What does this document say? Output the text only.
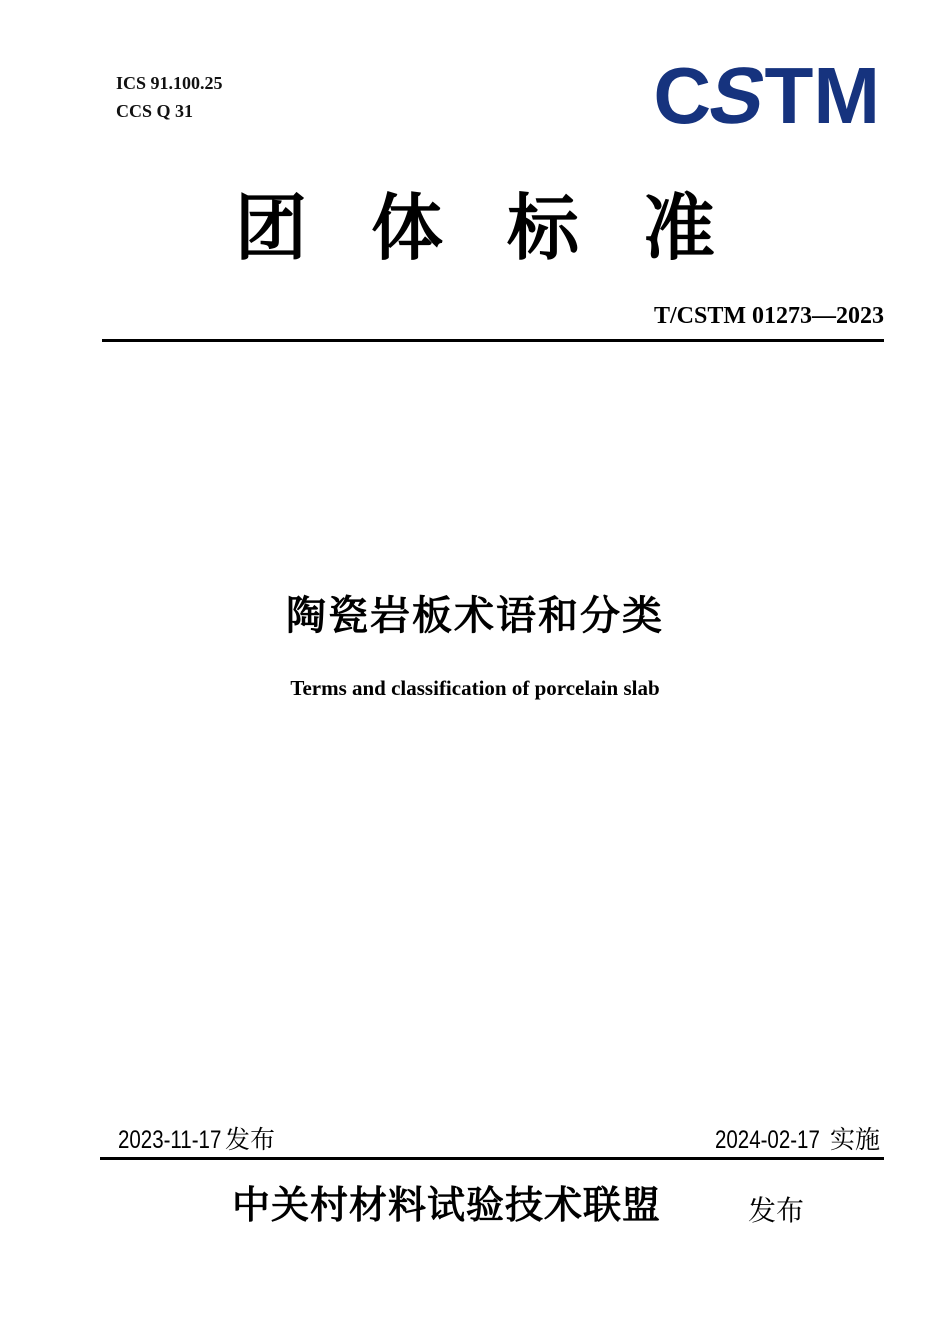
ICS 91.100.25
CCS Q 31	CSTM
团 体 标 准
T/CSTM 01273—2023
陶瓷岩板术语和分类
Terms and classification of porcelain slab
2023-11-17 发布	2024-02-17 实施
中关村材料试验技术联盟	发布
